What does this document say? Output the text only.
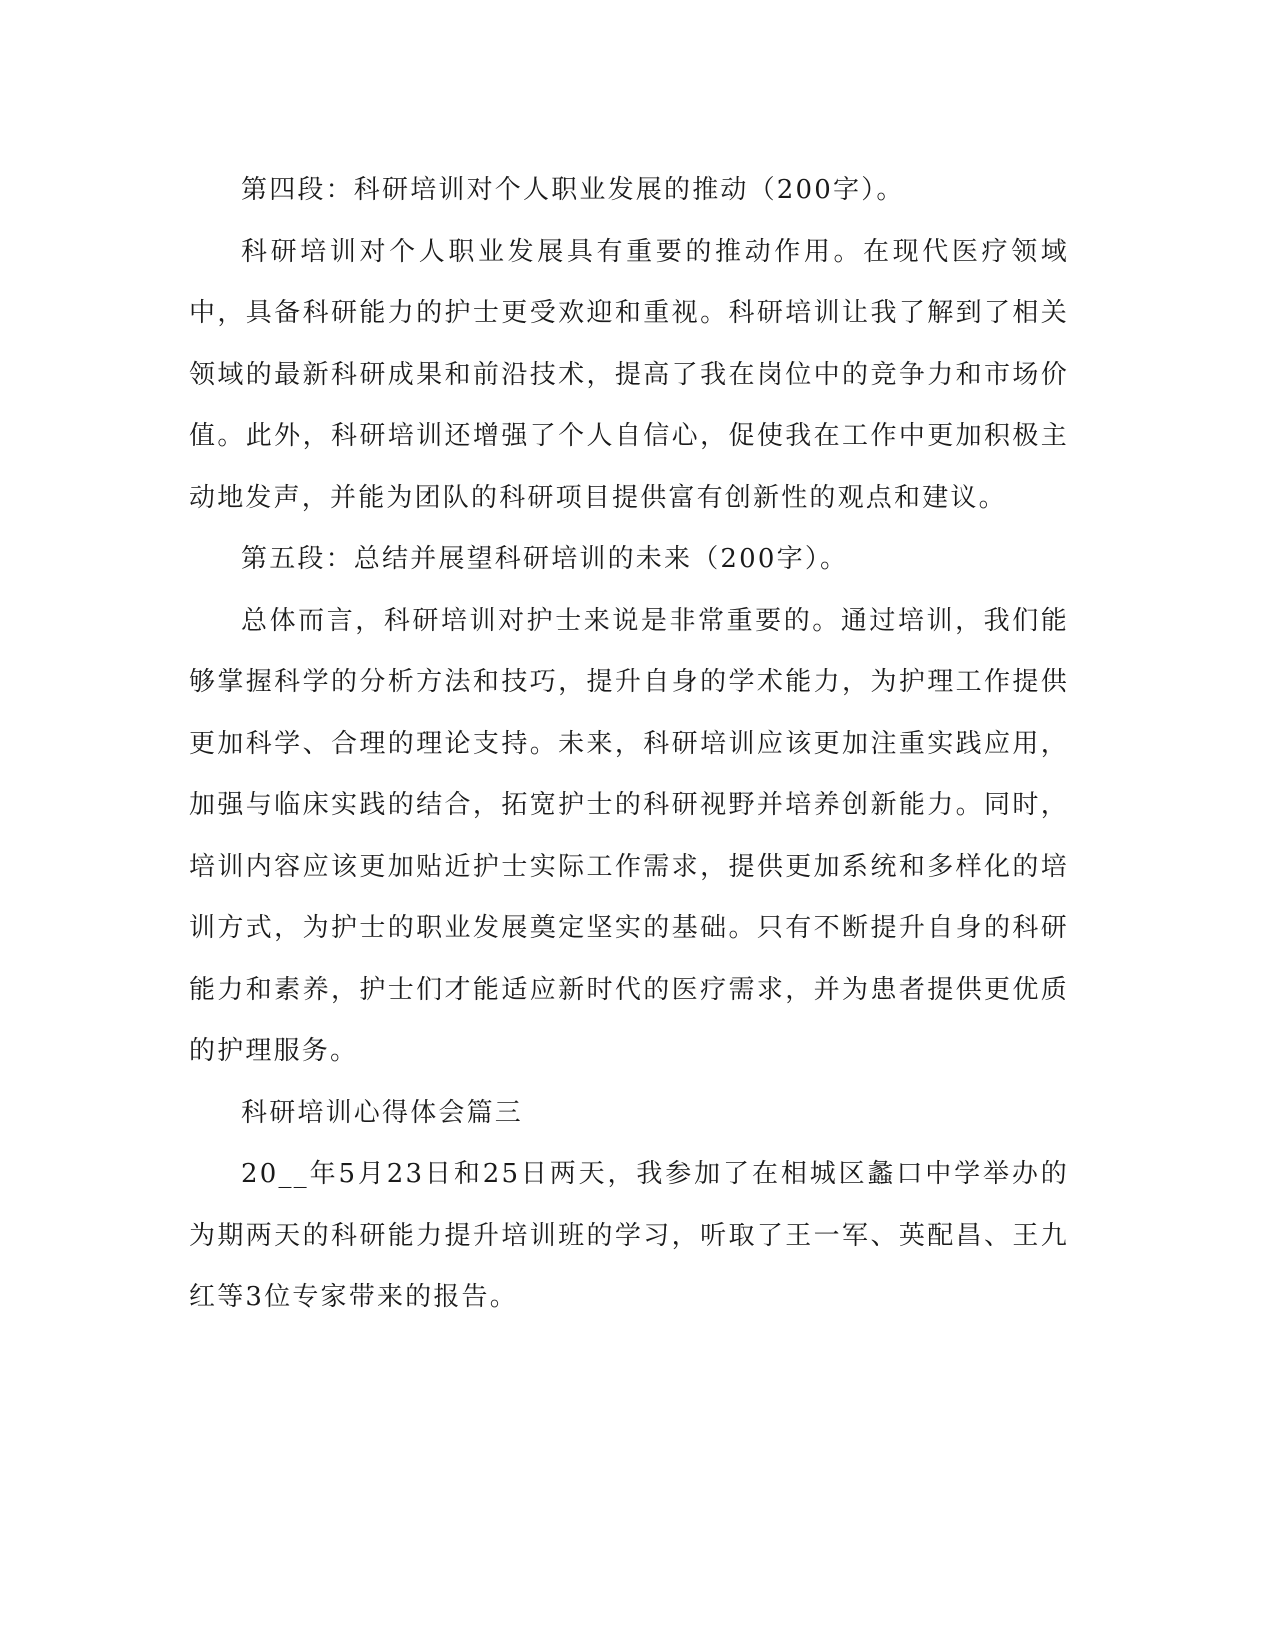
第四段：科研培训对个人职业发展的推动（200字）。

科研培训对个人职业发展具有重要的推动作用。在现代医疗领域中，具备科研能力的护士更受欢迎和重视。科研培训让我了解到了相关领域的最新科研成果和前沿技术，提高了我在岗位中的竞争力和市场价值。此外，科研培训还增强了个人自信心，促使我在工作中更加积极主动地发声，并能为团队的科研项目提供富有创新性的观点和建议。

第五段：总结并展望科研培训的未来（200字）。

总体而言，科研培训对护士来说是非常重要的。通过培训，我们能够掌握科学的分析方法和技巧，提升自身的学术能力，为护理工作提供更加科学、合理的理论支持。未来，科研培训应该更加注重实践应用，加强与临床实践的结合，拓宽护士的科研视野并培养创新能力。同时，培训内容应该更加贴近护士实际工作需求，提供更加系统和多样化的培训方式，为护士的职业发展奠定坚实的基础。只有不断提升自身的科研能力和素养，护士们才能适应新时代的医疗需求，并为患者提供更优质的护理服务。

科研培训心得体会篇三

20__年5月23日和25日两天，我参加了在相城区蠡口中学举办的为期两天的科研能力提升培训班的学习，听取了王一军、英配昌、王九红等3位专家带来的报告。
